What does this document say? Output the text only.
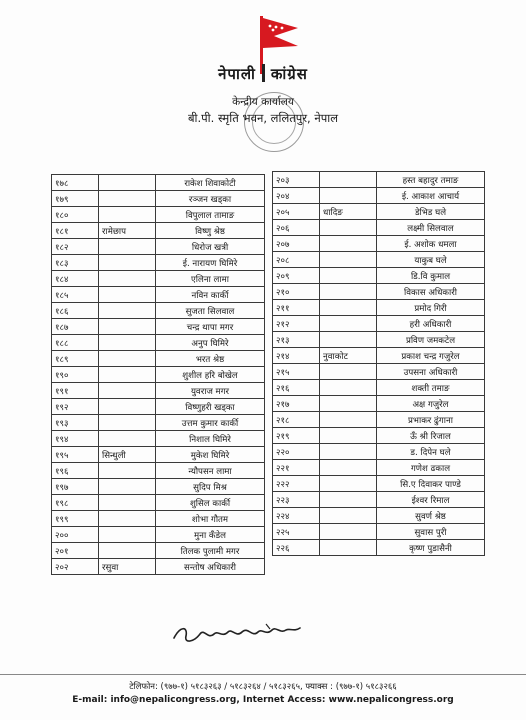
नेपाली कांग्रेस
केन्द्रीय कार्यालय
बी.पी. स्मृति भवन, ललितपुर, नेपाल
१७८		राकेश शिवाकोटी
१७९		रञ्जन खड्का
१८०		विपुलाल तामाङ
१८१	रामेछाप	विष्णु श्रेष्ठ
१८२		धिरोज खत्री
१८३		ई. नारायण घिमिरे
१८४		एलिना लामा
१८५		नविन कार्की
१८६		सुजता सिलवाल
१८७		चन्द्र थापा मगर
१८८		अनुप घिमिरे
१८९		भरत श्रेष्ठ
१९०		शुशील हरि बोखेल
१९१		युवराज मगर
१९२		विष्णुहरी खड्का
१९३		उत्तम कुमार कार्की
१९४		निशाल घिमिरे
१९५	सिन्धुली	मुकेश घिमिरे
१९६		न्यौपसन लामा
१९७		सुदिप मिश्र
१९८		शुसिल कार्की
१९९		शोभा गौतम
२००		मुना कँडेल
२०१		तिलक पुलामी मगर
२०२	रसुवा	सन्तोष अधिकारी
२०३		हस्त बहादुर तमाङ
२०४		ई. आकाश आचार्य
२०५	धादिङ	डेभिड घले
२०६		लक्ष्मी सिलवाल
२०७		ई. अशोक धमला
२०८		याकुब घले
२०९		डि.वि कुमाल
२१०		विकास अधिकारी
२११		प्रमोद गिरी
२१२		हरी अधिकारी
२१३		प्रविण जमकटेल
२१४	नुवाकोट	प्रकाश चन्द्र गजुरेल
२१५		उपसना अधिकारी
२१६		शक्ती तमाङ
२१७		अक्ष गजुरेल
२१८		प्रभाकर ढुंगाना
२१९		ऊँ श्री रिजाल
२२०		ड. दिपेन घले
२२१		गणेश ढकाल
२२२		सि.ए दिवाकर पाण्डे
२२३		ईश्वर रिमाल
२२४		सुवर्ण श्रेष्ठ
२२५		सुवास पुरी
२२६		कृष्ण पुडासैनी
टेलिफोन: (९७७-१) ५१८३२६३ / ५१८३२६४ / ५१८३२६५, फ्याक्स : (९७७-१) ५१८३२६६
E-mail: info@nepalicongress.org, Internet Access: www.nepalicongress.org
